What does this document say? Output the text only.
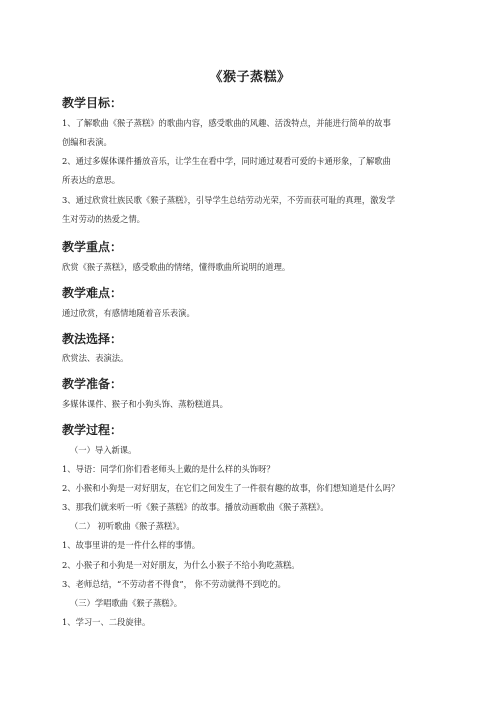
《猴子蒸糕》
教学目标：
1、了解歌曲《猴子蒸糕》的歌曲内容，感受歌曲的风趣、活泼特点，并能进行简单的故事
创编和表演。
2、通过多媒体课件播放音乐，让学生在看中学，同时通过观看可爱的卡通形象，了解歌曲
所表达的意思。
3、通过欣赏壮族民歌《猴子蒸糕》，引导学生总结劳动光荣，不劳而获可耻的真理，激发学
生对劳动的热爱之情。
教学重点：
欣赏《猴子蒸糕》，感受歌曲的情绪，懂得歌曲所说明的道理。
教学难点：
通过欣赏，有感情地随着音乐表演。
教法选择：
欣赏法、表演法。
教学准备：
多媒体课件、猴子和小狗头饰、蒸粉糕道具。
教学过程：
（一）导入新课。
1、导语：同学们你们看老师头上戴的是什么样的头饰呀？
2、小猴和小狗是一对好朋友，在它们之间发生了一件很有趣的故事，你们想知道是什么吗？
3、那我们就来听一听《猴子蒸糕》的故事。播放动画歌曲《猴子蒸糕》。
（二） 初听歌曲《猴子蒸糕》。
1、故事里讲的是一件什么样的事情。
2、小猴子和小狗是一对好朋友，为什么小猴子不给小狗吃蒸糕。
3、老师总结，“不劳动者不得食”， 你不劳动就得不到吃的。
（三）学唱歌曲《猴子蒸糕》。
1、学习一、二段旋律。
